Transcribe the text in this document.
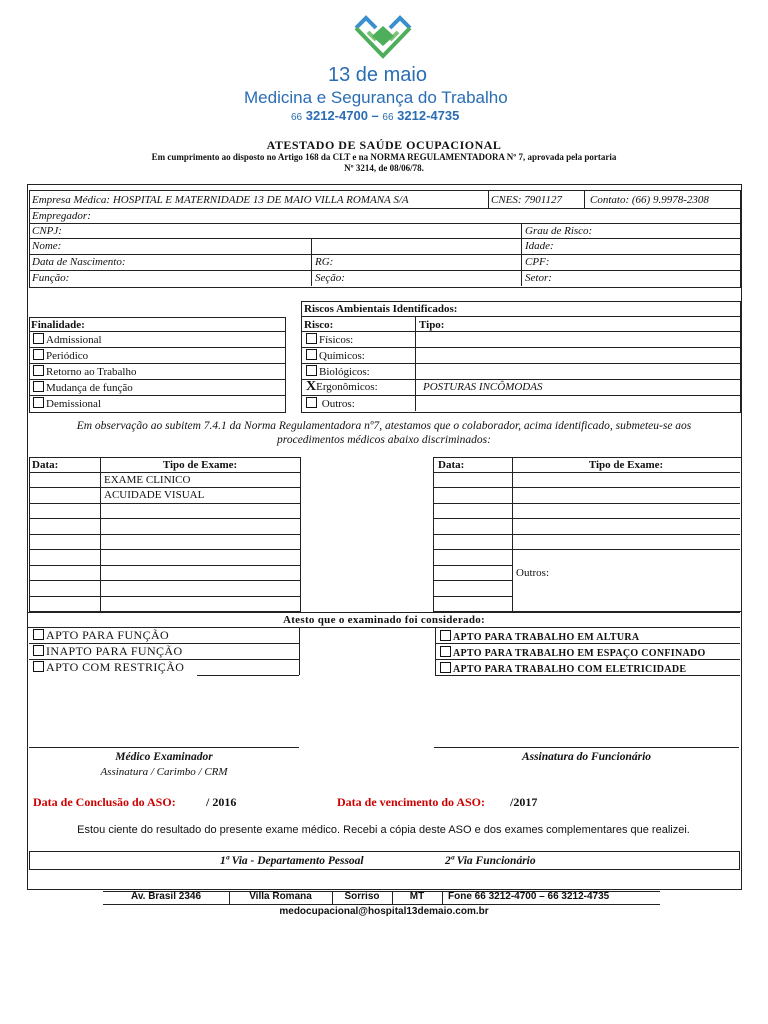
13 de maio
Medicina e Segurança do Trabalho
66 3212-4700 – 66 3212-4735
ATESTADO DE SAÚDE OCUPACIONAL
Em cumprimento ao disposto no Artigo 168 da CLT e na NORMA REGULAMENTADORA Nº 7, aprovada pela portaria
Nº 3214, de 08/06/78.
Empresa Médica: HOSPITAL E MATERNIDADE 13 DE MAIO VILLA ROMANA S/A	CNES: 7901127	Contato: (66) 9.9978-2308
Empregador:
CNPJ:	Grau de Risco:
Nome:	Idade:
Data de Nascimento:	RG:	CPF:
Função:	Seção:	Setor:
Finalidade:
Admissional
Periódico
Retorno ao Trabalho
Mudança de função
Demissional
Riscos Ambientais Identificados:
Risco:	Tipo:
Físicos:
Químicos:
Biológicos:
XErgonômicos:	POSTURAS INCÔMODAS
Outros:
Em observação ao subitem 7.4.1 da Norma Regulamentadora nº7, atestamos que o colaborador, acima identificado, submeteu-se aos
procedimentos médicos abaixo discriminados:
Data:	Tipo de Exame:
EXAME CLINICO
ACUIDADE VISUAL
Data:	Tipo de Exame:
Outros:
Atesto que o examinado foi considerado:
APTO PARA FUNÇÃO
INAPTO PARA FUNÇÃO
APTO COM RESTRIÇÃO
APTO PARA TRABALHO EM ALTURA
APTO PARA TRABALHO EM ESPAÇO CONFINADO
APTO PARA TRABALHO COM ELETRICIDADE
Médico Examinador
Assinatura / Carimbo / CRM
Assinatura do Funcionário
Data de Conclusão do ASO:	/ 2016	Data de vencimento do ASO: /2017
Estou ciente do resultado do presente exame médico. Recebi a cópia deste ASO e dos exames complementares que realizei.
1ª Via - Departamento Pessoal	2ª Via Funcionário
Av. Brasil 2346	Villa Romana	Sorriso	MT	Fone 66 3212-4700 – 66 3212-4735
medocupacional@hospital13demaio.com.br
